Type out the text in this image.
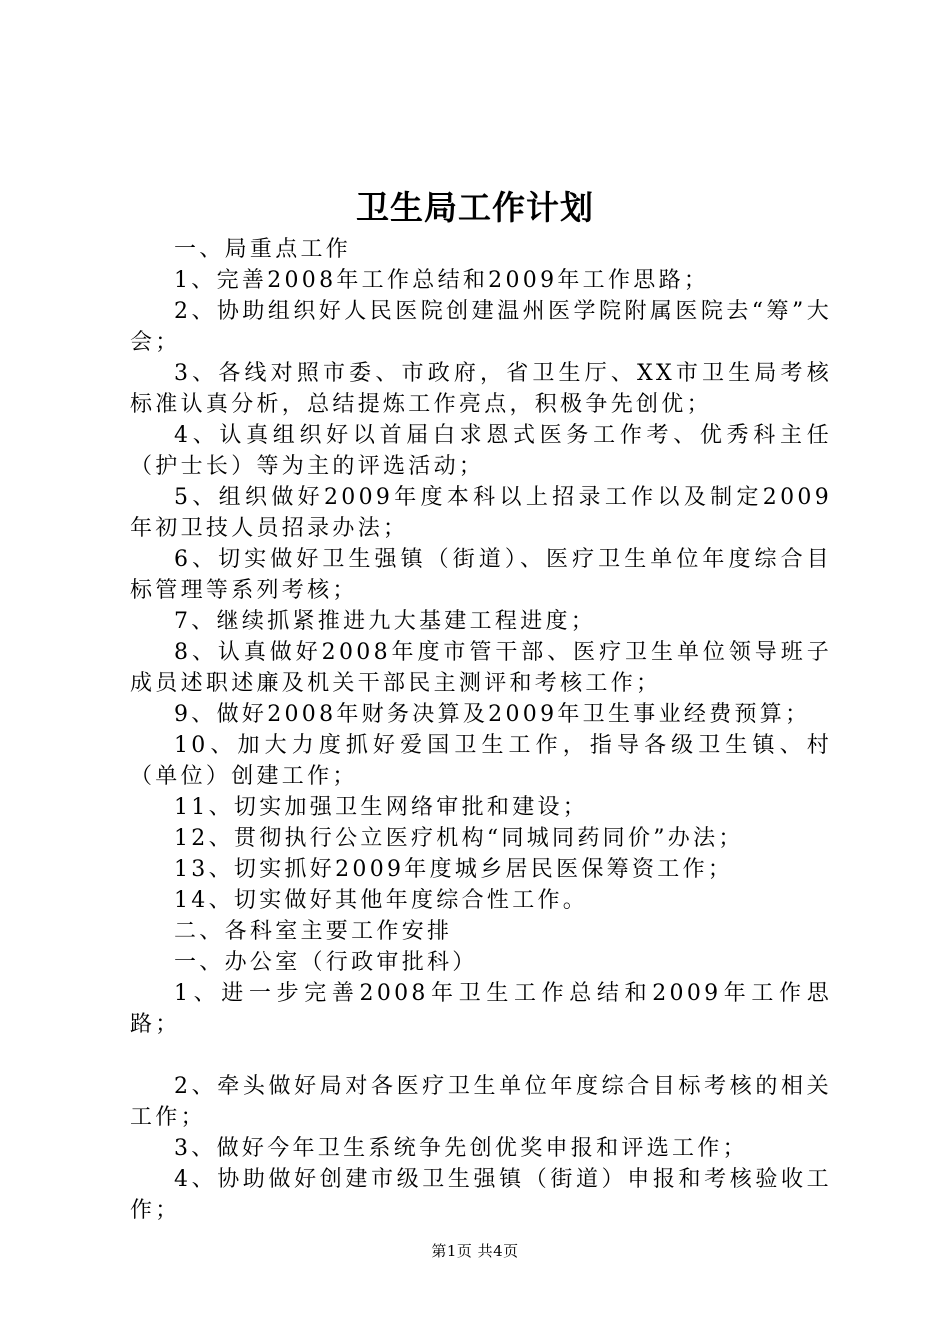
卫生局工作计划

一、局重点工作

1、完善2008年工作总结和2009年工作思路；

2、协助组织好人民医院创建温州医学院附属医院去“筹”大会；

3、各线对照市委、市政府，省卫生厅、XX市卫生局考核标准认真分析，总结提炼工作亮点，积极争先创优；

4、认真组织好以首届白求恩式医务工作考、优秀科主任（护士长）等为主的评选活动；

5、组织做好2009年度本科以上招录工作以及制定2009年初卫技人员招录办法；

6、切实做好卫生强镇（街道）、医疗卫生单位年度综合目标管理等系列考核；

7、继续抓紧推进九大基建工程进度；

8、认真做好2008年度市管干部、医疗卫生单位领导班子成员述职述廉及机关干部民主测评和考核工作；

9、做好2008年财务决算及2009年卫生事业经费预算；

10、加大力度抓好爱国卫生工作，指导各级卫生镇、村（单位）创建工作；

11、切实加强卫生网络审批和建设；

12、贯彻执行公立医疗机构“同城同药同价”办法；

13、切实抓好2009年度城乡居民医保筹资工作；

14、切实做好其他年度综合性工作。

二、各科室主要工作安排

一、办公室（行政审批科）

1、进一步完善2008年卫生工作总结和2009年工作思路；

2、牵头做好局对各医疗卫生单位年度综合目标考核的相关工作；

3、做好今年卫生系统争先创优奖申报和评选工作；

4、协助做好创建市级卫生强镇（街道）申报和考核验收工作；

第1页 共4页
